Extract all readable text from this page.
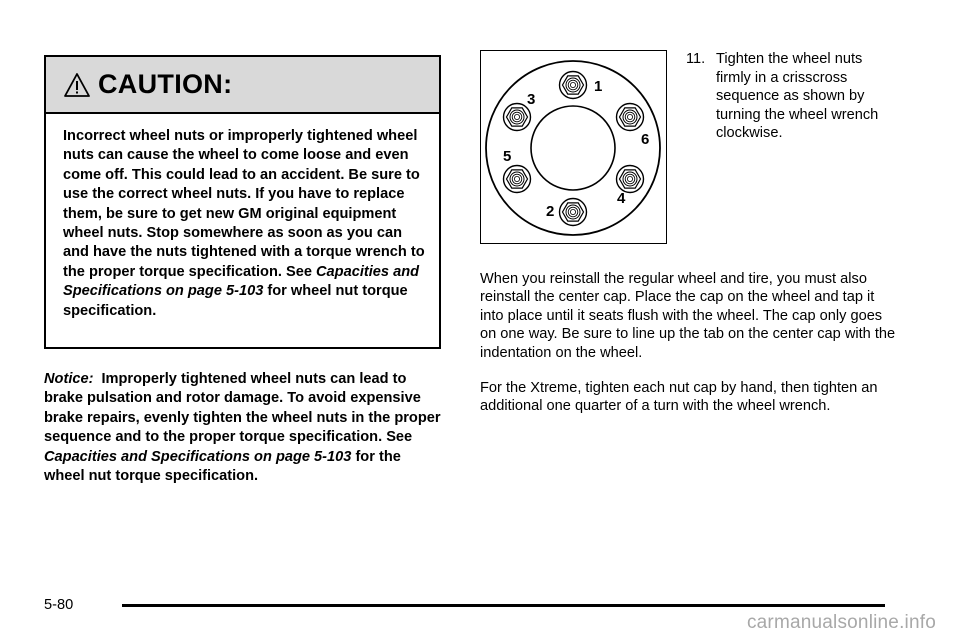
CAUTION:
Incorrect wheel nuts or improperly tightened wheel nuts can cause the wheel to come loose and even come off. This could lead to an accident. Be sure to use the correct wheel nuts. If you have to replace them, be sure to get new GM original equipment wheel nuts. Stop somewhere as soon as you can and have the nuts tightened with a torque wrench to the proper torque specification. See Capacities and Specifications on page 5-103 for wheel nut torque specification.
Notice: Improperly tightened wheel nuts can lead to brake pulsation and rotor damage. To avoid expensive brake repairs, evenly tighten the wheel nuts in the proper sequence and to the proper torque specification. See Capacities and Specifications on page 5-103 for the wheel nut torque specification.
1
2
3
4
5
6
11. Tighten the wheel nuts firmly in a crisscross sequence as shown by turning the wheel wrench clockwise.

When you reinstall the regular wheel and tire, you must also reinstall the center cap. Place the cap on the wheel and tap it into place until it seats flush with the wheel. The cap only goes on one way. Be sure to line up the tab on the center cap with the indentation on the wheel.

For the Xtreme, tighten each nut cap by hand, then tighten an additional one quarter of a turn with the wheel wrench.

5-80
carmanualsonline.info
